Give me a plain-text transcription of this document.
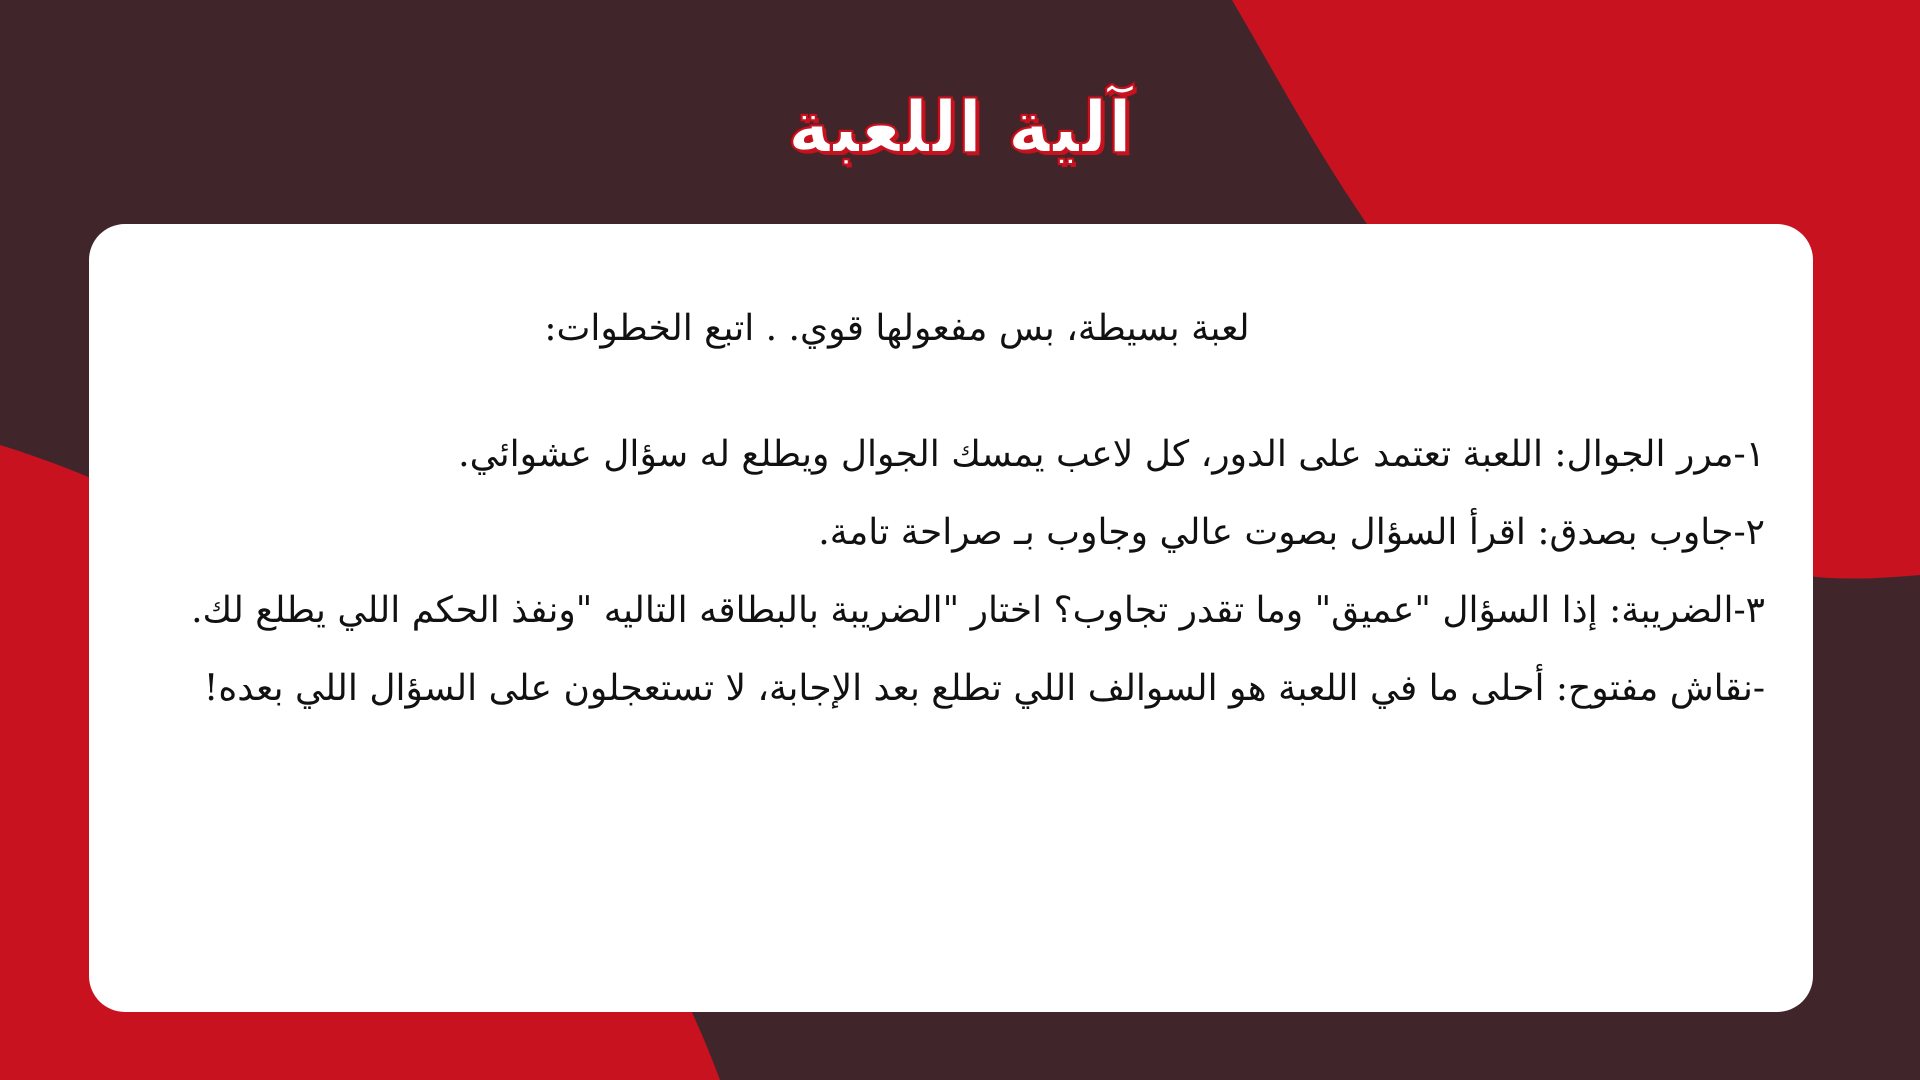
آلية اللعبة

لعبة بسيطة، بس مفعولها قوي. . اتبع الخطوات:

١-مرر الجوال: اللعبة تعتمد على الدور، كل لاعب يمسك الجوال ويطلع له سؤال عشوائي.
٢-جاوب بصدق: اقرأ السؤال بصوت عالي وجاوب بـ صراحة تامة.
٣-الضريبة: إذا السؤال "عميق" وما تقدر تجاوب؟ اختار "الضريبة بالبطاقه التاليه "ونفذ الحكم اللي يطلع لك.
-نقاش مفتوح: أحلى ما في اللعبة هو السوالف اللي تطلع بعد الإجابة، لا تستعجلون على السؤال اللي بعده!
